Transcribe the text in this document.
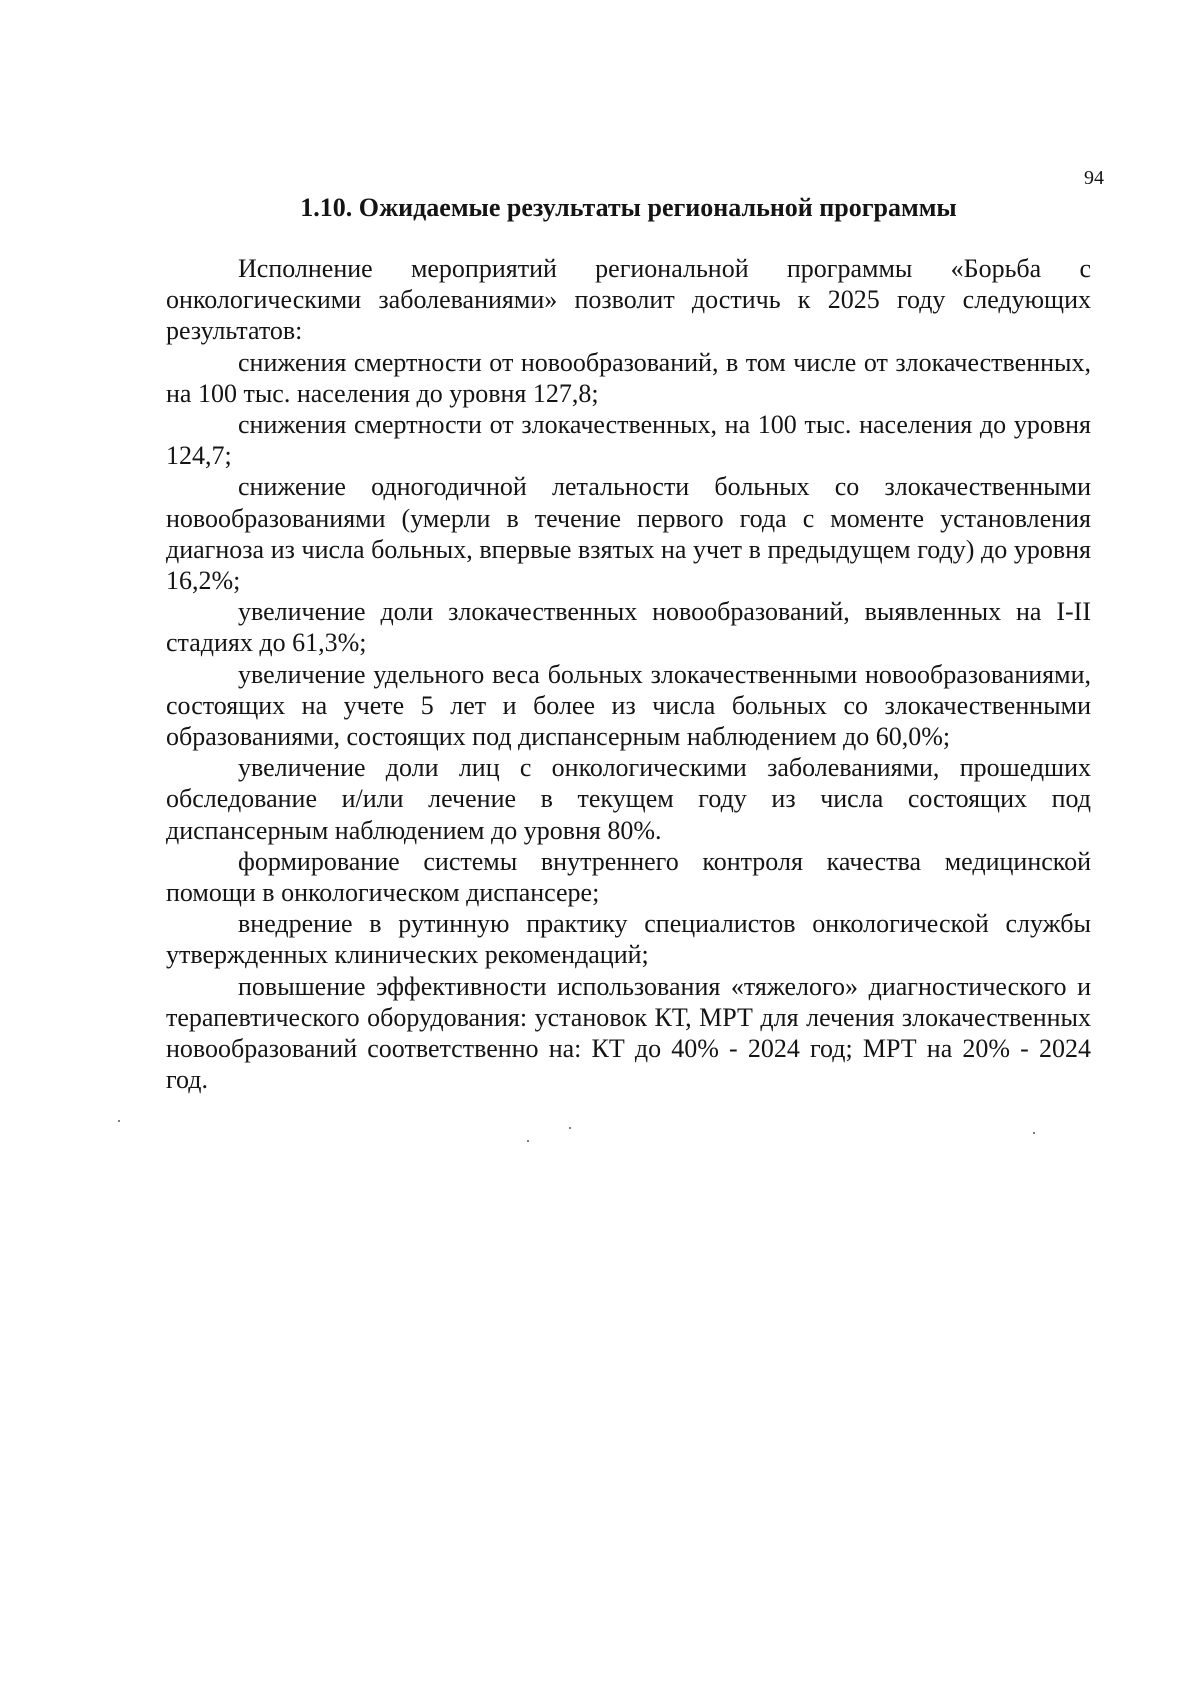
94
1.10. Ожидаемые результаты региональной программы

Исполнение мероприятий региональной программы «Борьба с онкологическими заболеваниями» позволит достичь к 2025 году следующих результатов:

снижения смертности от новообразований, в том числе от злокачественных, на 100 тыс. населения до уровня 127,8;

снижения смертности от злокачественных, на 100 тыс. населения до уровня 124,7;

снижение одногодичной летальности больных со злокачественными новообразованиями (умерли в течение первого года с моменте установления диагноза из числа больных, впервые взятых на учет в предыдущем году) до уровня 16,2%;

увеличение доли злокачественных новообразований, выявленных на I-II стадиях до 61,3%;

увеличение удельного веса больных злокачественными новообразованиями, состоящих на учете 5 лет и более из числа больных со злокачественными образованиями, состоящих под диспансерным наблюдением до 60,0%;

увеличение доли лиц с онкологическими заболеваниями, прошедших обследование и/или лечение в текущем году из числа состоящих под диспансерным наблюдением до уровня 80%.

формирование системы внутреннего контроля качества медицинской помощи в онкологическом диспансере;

внедрение в рутинную практику специалистов онкологической службы утвержденных клинических рекомендаций;

повышение эффективности использования «тяжелого» диагностического и терапевтического оборудования: установок КТ, МРТ для лечения злокачественных новообразований соответственно на: КТ до 40% - 2024 год; МРТ на 20% - 2024 год.
